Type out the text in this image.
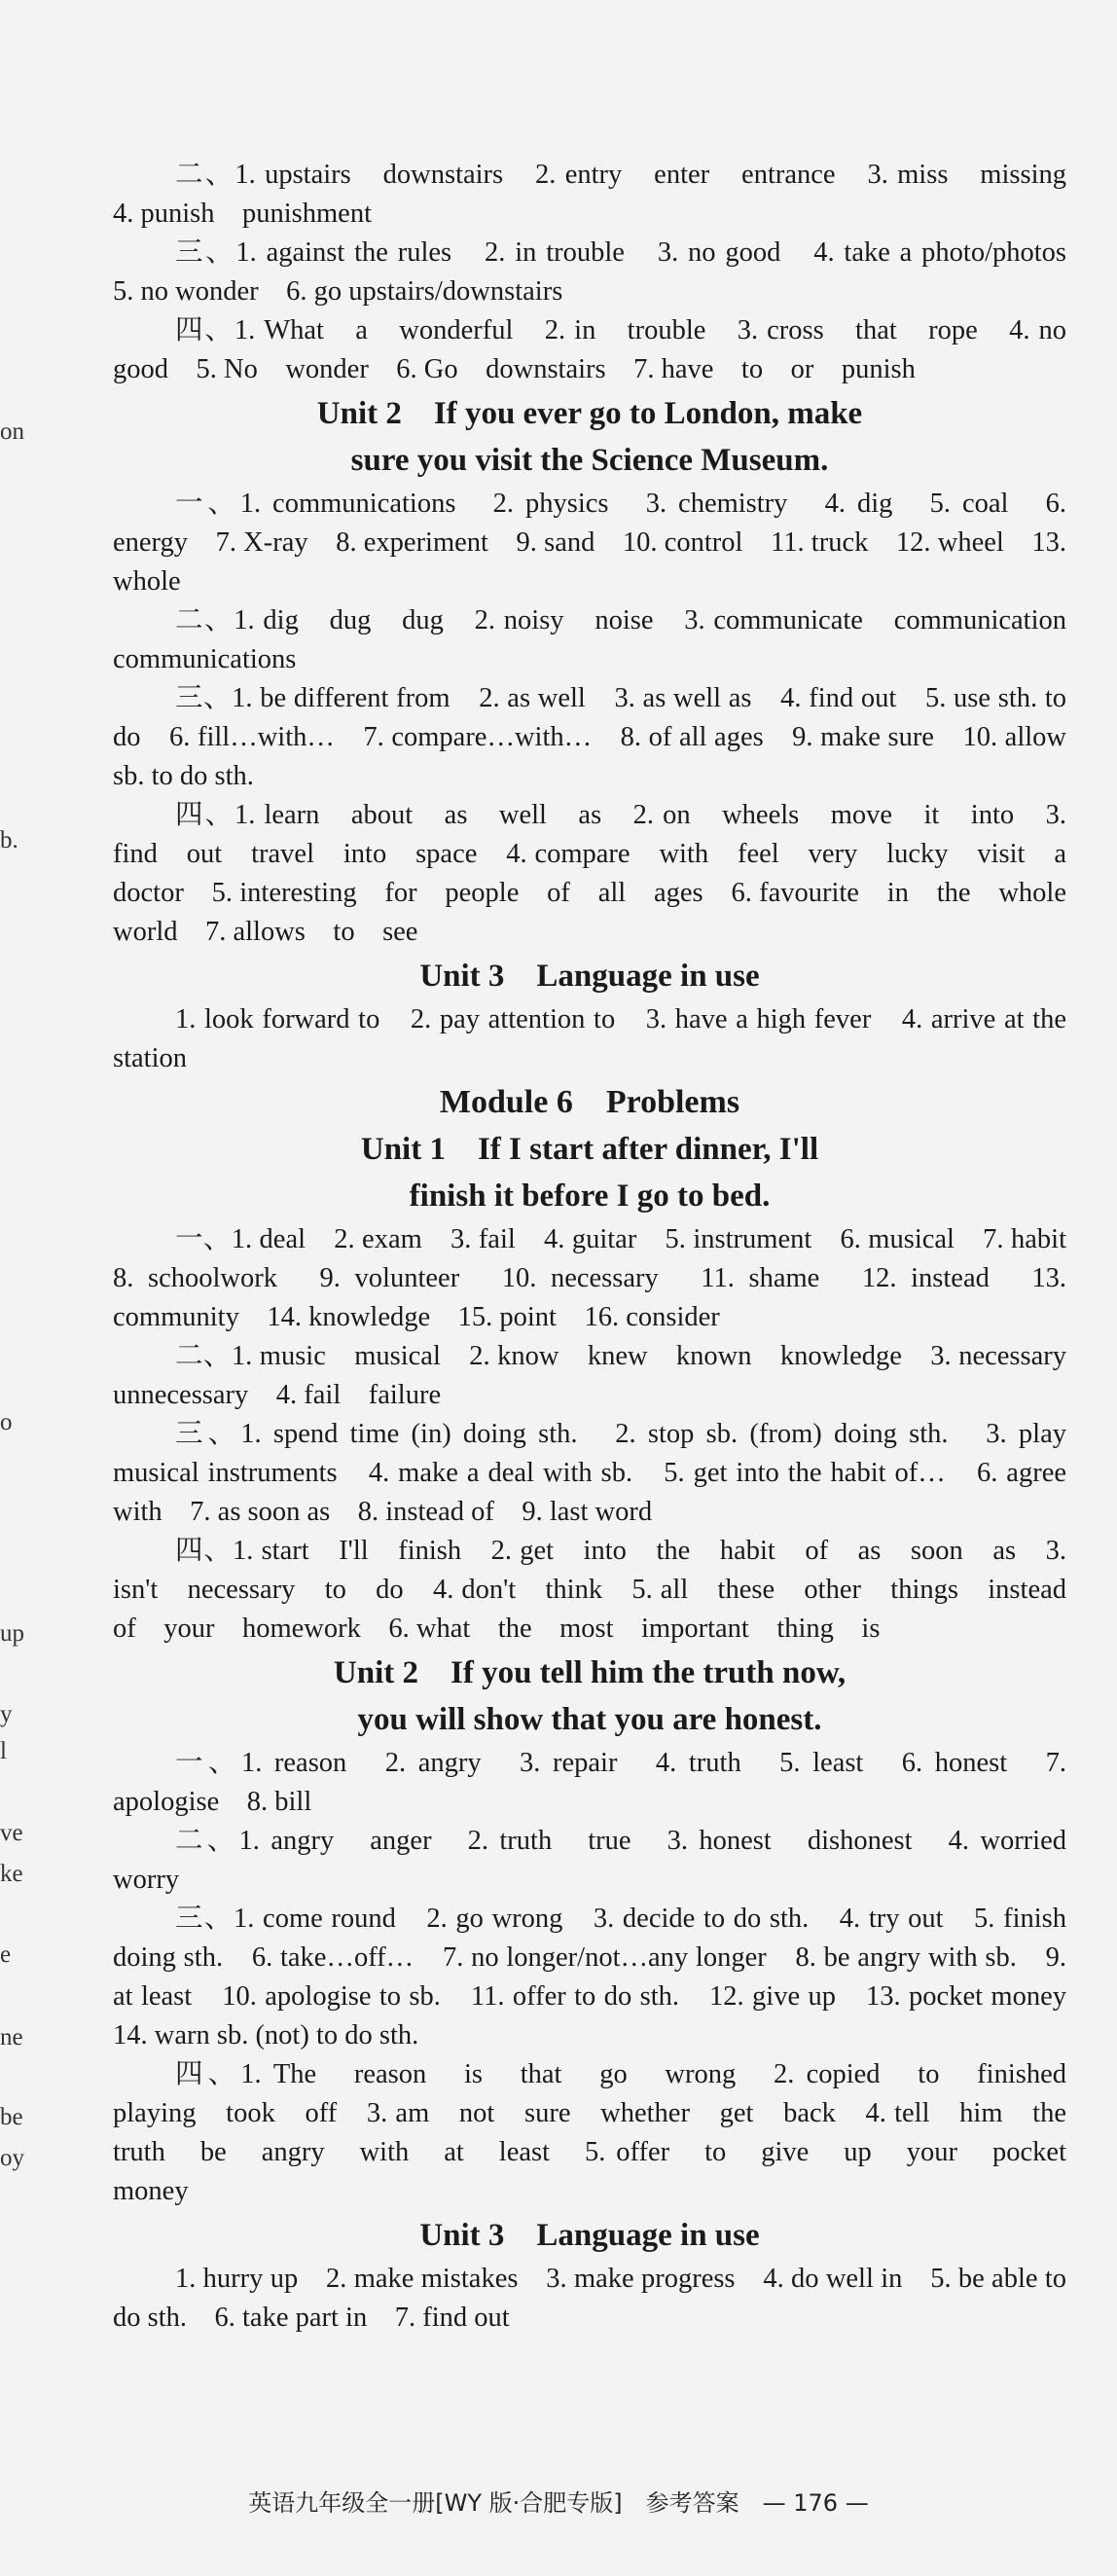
on
b.
o
up
y
l
ve
ke
e
ne
be
oy

二、1. upstairs　downstairs　2. entry　enter　entrance　3. miss　missing　4. punish　punishment

三、1. against the rules　2. in trouble　3. no good　4. take a photo/photos　5. no wonder　6. go upstairs/downstairs

四、1. What　a　wonderful　2. in　trouble　3. cross　that　rope　4. no　good　5. No　wonder　6. Go　downstairs　7. have　to　or　punish

Unit 2　If you ever go to London, make
sure you visit the Science Museum.

一、1. communications　2. physics　3. chemistry　4. dig　5. coal　6. energy　7. X-ray　8. experiment　9. sand　10. control　11. truck　12. wheel　13. whole

二、1. dig　dug　dug　2. noisy　noise　3. communicate　communication　communications

三、1. be different from　2. as well　3. as well as　4. find out　5. use sth. to do　6. fill…with…　7. compare…with…　8. of all ages　9. make sure　10. allow sb. to do sth.

四、1. learn　about　as　well　as　2. on　wheels　move　it　into　3. find　out　travel　into　space　4. compare　with　feel　very　lucky　visit　a　doctor　5. interesting　for　people　of　all　ages　6. favourite　in　the　whole　world　7. allows　to　see

Unit 3　Language in use

1. look forward to　2. pay attention to　3. have a high fever　4. arrive at the station

Module 6　Problems
Unit 1　If I start after dinner, I'll
finish it before I go to bed.

一、1. deal　2. exam　3. fail　4. guitar　5. instrument　6. musical　7. habit　8. schoolwork　9. volunteer　10. necessary　11. shame　12. instead　13. community　14. knowledge　15. point　16. consider

二、1. music　musical　2. know　knew　known　knowledge　3. necessary　unnecessary　4. fail　failure

三、1. spend time (in) doing sth.　2. stop sb. (from) doing sth.　3. play musical instruments　4. make a deal with sb.　5. get into the habit of…　6. agree with　7. as soon as　8. instead of　9. last word

四、1. start　I'll　finish　2. get　into　the　habit　of　as　soon　as　3. isn't　necessary　to　do　4. don't　think　5. all　these　other　things　instead　of　your　homework　6. what　the　most　important　thing　is

Unit 2　If you tell him the truth now,
you will show that you are honest.

一、1. reason　2. angry　3. repair　4. truth　5. least　6. honest　7. apologise　8. bill

二、1. angry　anger　2. truth　true　3. honest　dishonest　4. worried　worry

三、1. come round　2. go wrong　3. decide to do sth.　4. try out　5. finish doing sth.　6. take…off…　7. no longer/not…any longer　8. be angry with sb.　9. at least　10. apologise to sb.　11. offer to do sth.　12. give up　13. pocket money　14. warn sb. (not) to do sth.

四、1. The　reason　is　that　go　wrong　2. copied　to　finished　playing　took　off　3. am　not　sure　whether　get　back　4. tell　him　the　truth　be　angry　with　at　least　5. offer　to　give　up　your　pocket　money

Unit 3　Language in use

1. hurry up　2. make mistakes　3. make progress　4. do well in　5. be able to do sth.　6. take part in　7. find out

英语九年级全一册[WY 版·合肥专版]　参考答案　— 176 —
